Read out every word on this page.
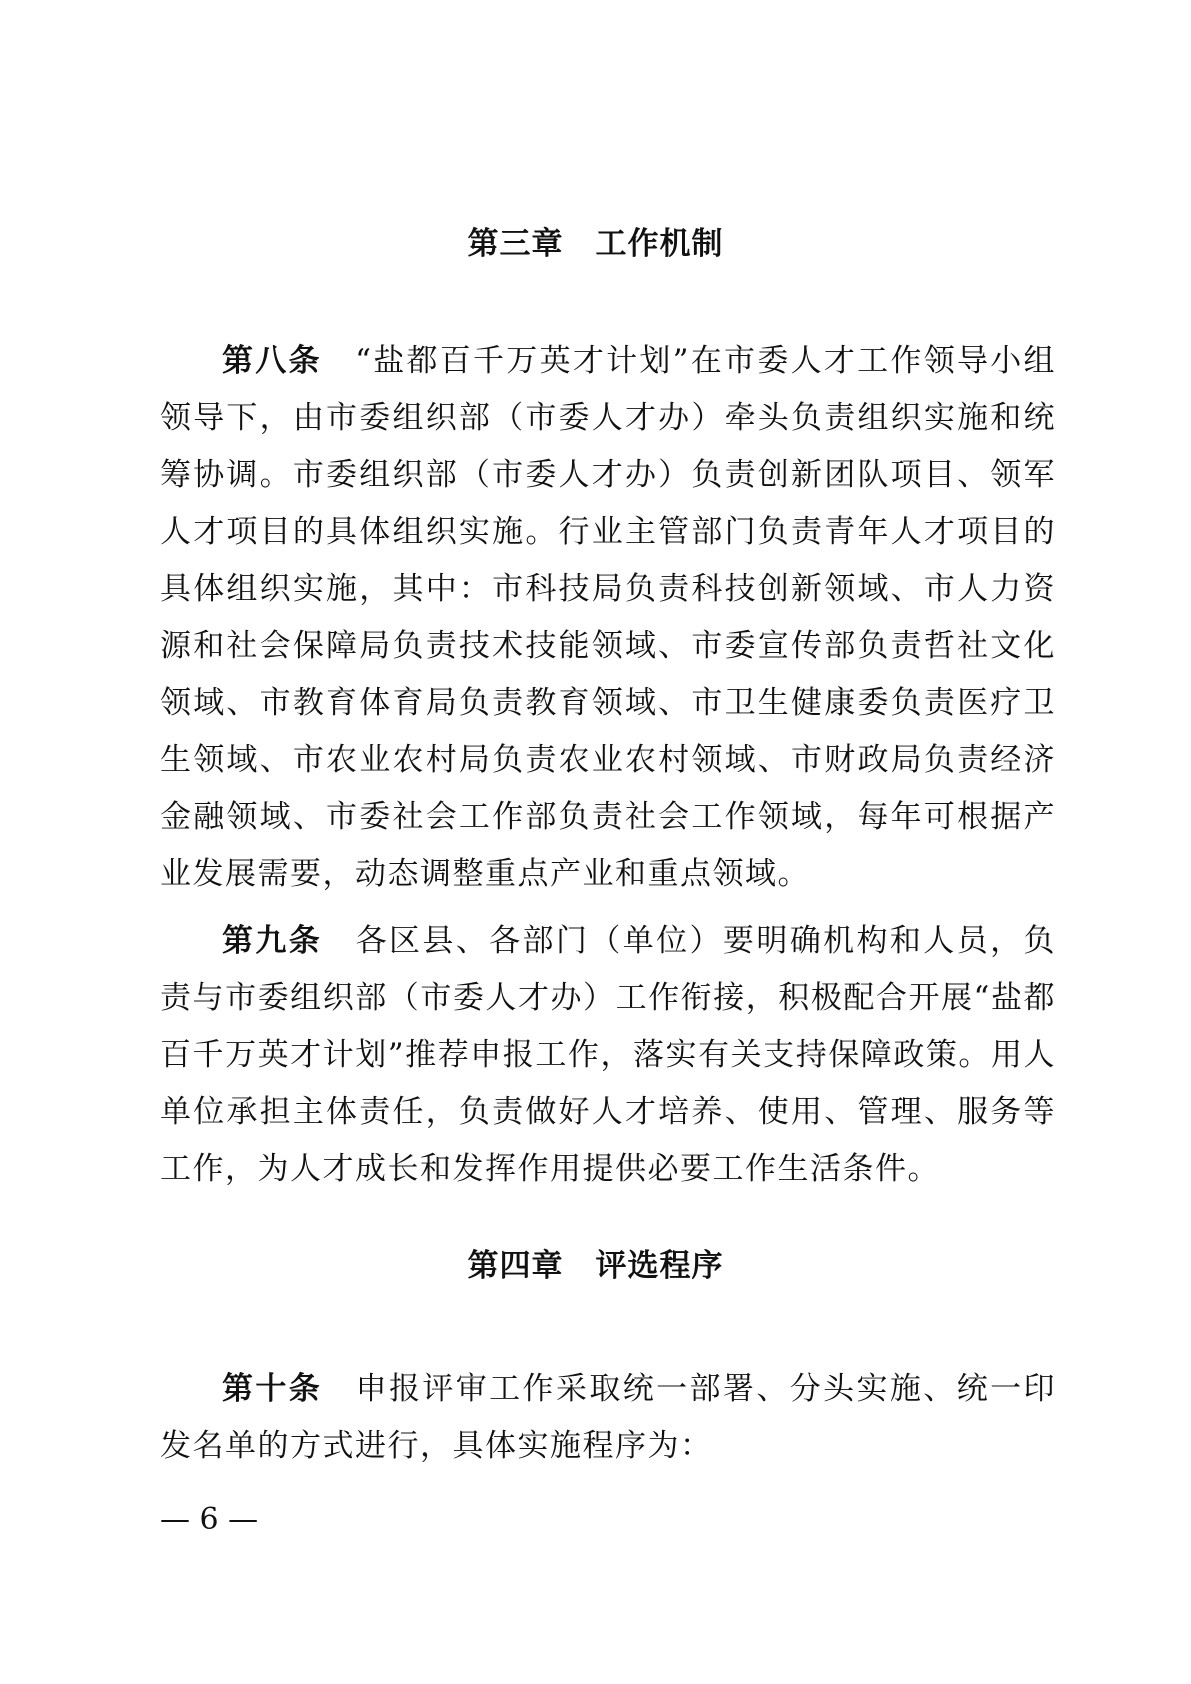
第三章　工作机制

第八条　“盐都百千万英才计划”在市委人才工作领导小组领导下，由市委组织部（市委人才办）牵头负责组织实施和统筹协调。市委组织部（市委人才办）负责创新团队项目、领军人才项目的具体组织实施。行业主管部门负责青年人才项目的具体组织实施，其中：市科技局负责科技创新领域、市人力资源和社会保障局负责技术技能领域、市委宣传部负责哲社文化领域、市教育体育局负责教育领域、市卫生健康委负责医疗卫生领域、市农业农村局负责农业农村领域、市财政局负责经济金融领域、市委社会工作部负责社会工作领域，每年可根据产业发展需要，动态调整重点产业和重点领域。

第九条　各区县、各部门（单位）要明确机构和人员，负责与市委组织部（市委人才办）工作衔接，积极配合开展“盐都百千万英才计划”推荐申报工作，落实有关支持保障政策。用人单位承担主体责任，负责做好人才培养、使用、管理、服务等工作，为人才成长和发挥作用提供必要工作生活条件。

第四章　评选程序

第十条　申报评审工作采取统一部署、分头实施、统一印发名单的方式进行，具体实施程序为：

— 6 —
